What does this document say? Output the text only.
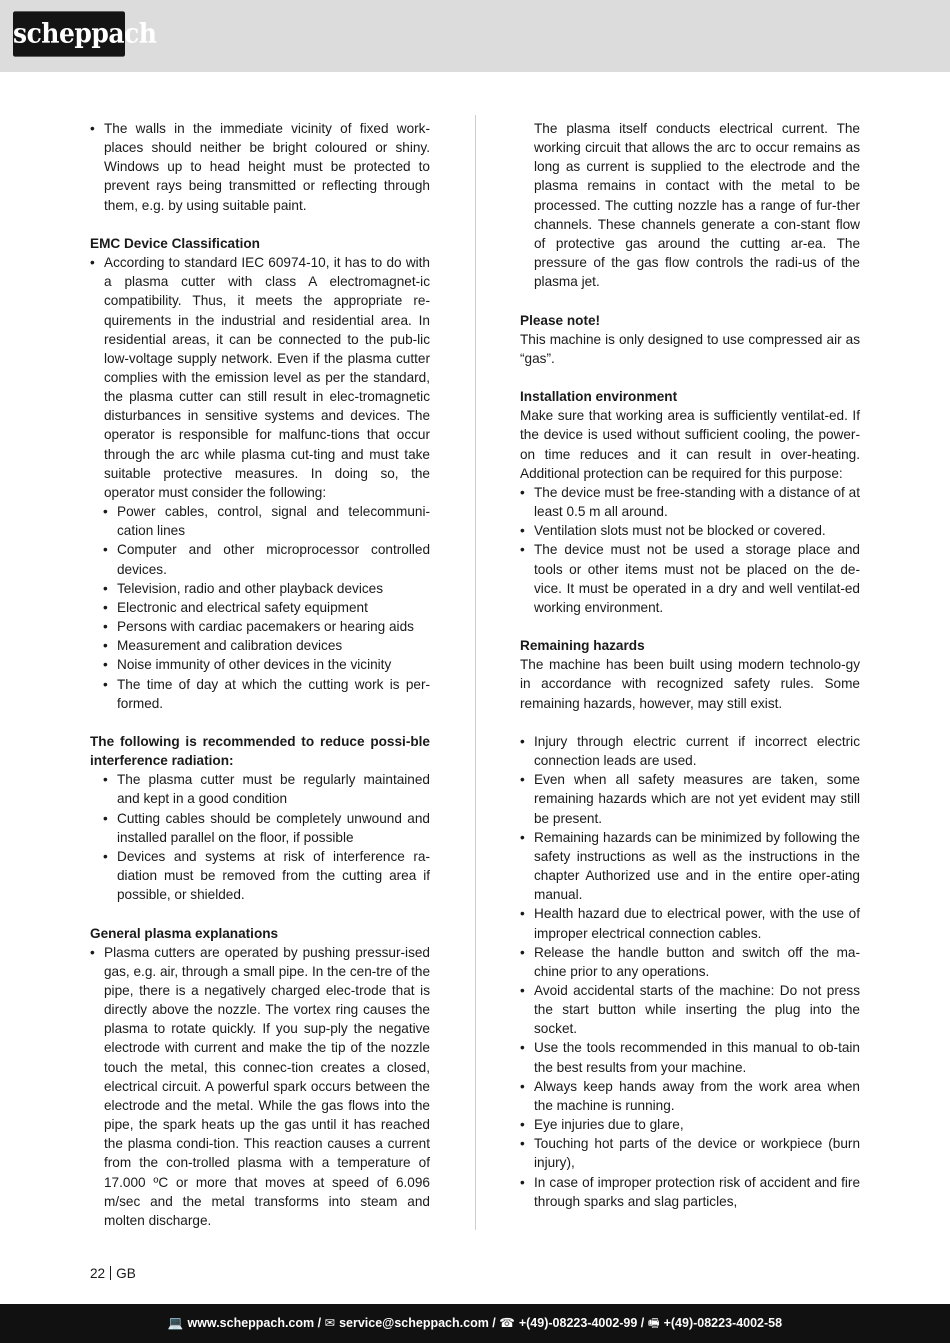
scheppach
• The walls in the immediate vicinity of fixed work-places should neither be bright coloured or shiny. Windows up to head height must be protected to prevent rays being transmitted or reflecting through them, e.g. by using suitable paint.

EMC Device Classification

• According to standard IEC 60974-10, it has to do with a plasma cutter with class A electromagnet-ic compatibility. Thus, it meets the appropriate re-quirements in the industrial and residential area. In residential areas, it can be connected to the pub-lic low-voltage supply network. Even if the plasma cutter complies with the emission level as per the standard, the plasma cutter can still result in elec-tromagnetic disturbances in sensitive systems and devices. The operator is responsible for malfunc-tions that occur through the arc while plasma cut-ting and must take suitable protective measures. In doing so, the operator must consider the following:
• Power cables, control, signal and telecommuni-cation lines
• Computer and other microprocessor controlled devices.
• Television, radio and other playback devices
• Electronic and electrical safety equipment
• Persons with cardiac pacemakers or hearing aids
• Measurement and calibration devices
• Noise immunity of other devices in the vicinity
• The time of day at which the cutting work is per-formed.

The following is recommended to reduce possi-ble interference radiation:

• The plasma cutter must be regularly maintained and kept in a good condition
• Cutting cables should be completely unwound and installed parallel on the floor, if possible
• Devices and systems at risk of interference ra-diation must be removed from the cutting area if possible, or shielded.

General plasma explanations

• Plasma cutters are operated by pushing pressur-ised gas, e.g. air, through a small pipe. In the cen-tre of the pipe, there is a negatively charged elec-trode that is directly above the nozzle. The vortex ring causes the plasma to rotate quickly. If you sup-ply the negative electrode with current and make the tip of the nozzle touch the metal, this connec-tion creates a closed, electrical circuit. A powerful spark occurs between the electrode and the metal. While the gas flows into the pipe, the spark heats up the gas until it has reached the plasma condi-tion. This reaction causes a current from the con-trolled plasma with a temperature of 17.000 ºC or more that moves at speed of 6.096 m/sec and the metal transforms into steam and molten discharge.

The plasma itself conducts electrical current. The working circuit that allows the arc to occur remains as long as current is supplied to the electrode and the plasma remains in contact with the metal to be processed. The cutting nozzle has a range of fur-ther channels. These channels generate a con-stant flow of protective gas around the cutting ar-ea. The pressure of the gas flow controls the radi-us of the plasma jet.

Please note!

This machine is only designed to use compressed air as “gas”.

Installation environment

Make sure that working area is sufficiently ventilat-ed. If the device is used without sufficient cooling, the power-on time reduces and it can result in over-heating. Additional protection can be required for this purpose:

• The device must be free-standing with a distance of at least 0.5 m all around.
• Ventilation slots must not be blocked or covered.
• The device must not be used a storage place and tools or other items must not be placed on the de-vice. It must be operated in a dry and well ventilat-ed working environment.

Remaining hazards

The machine has been built using modern technolo-gy in accordance with recognized safety rules. Some remaining hazards, however, may still exist.

• Injury through electric current if incorrect electric connection leads are used.
• Even when all safety measures are taken, some remaining hazards which are not yet evident may still be present.
• Remaining hazards can be minimized by following the safety instructions as well as the instructions in the chapter Authorized use and in the entire oper-ating manual.
• Health hazard due to electrical power, with the use of improper electrical connection cables.
• Release the handle button and switch off the ma-chine prior to any operations.
• Avoid accidental starts of the machine: Do not press the start button while inserting the plug into the socket.
• Use the tools recommended in this manual to ob-tain the best results from your machine.
• Always keep hands away from the work area when the machine is running.
• Eye injuries due to glare,
• Touching hot parts of the device or workpiece (burn injury),
• In case of improper protection risk of accident and fire through sparks and slag particles,
22 GB
💻 www.scheppach.com / ✉ service@scheppach.com / ☎ +(49)-08223-4002-99 / 🖷 +(49)-08223-4002-58
